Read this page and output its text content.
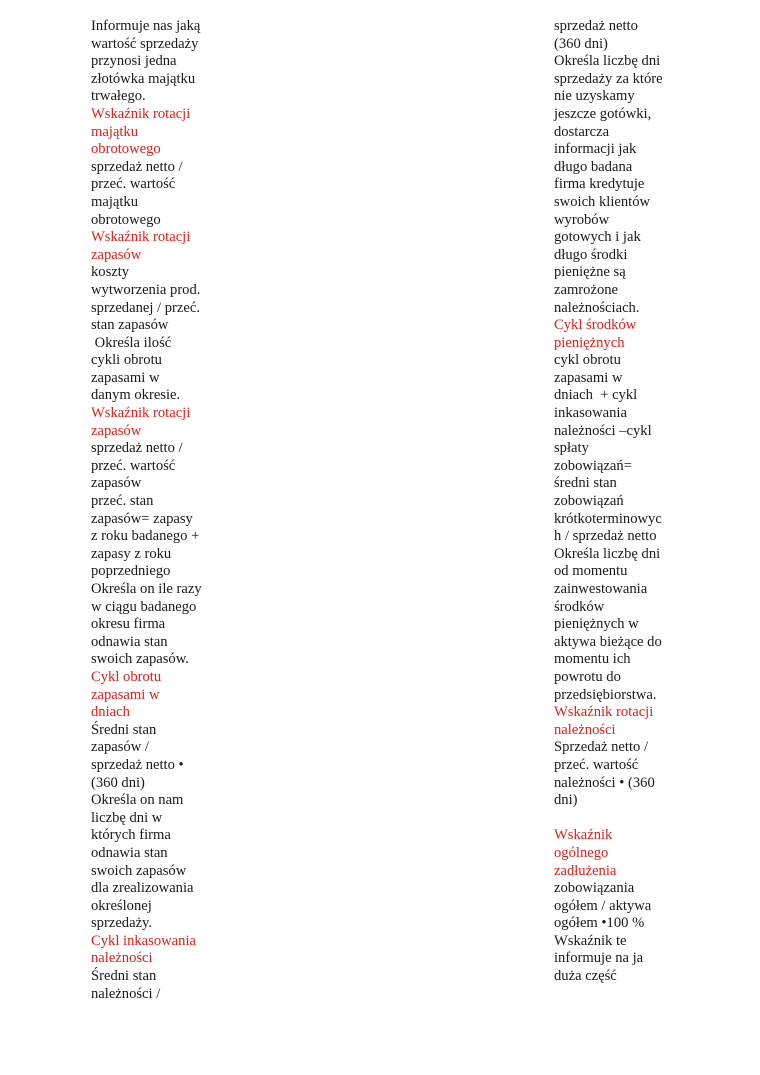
Informuje nas jaką
wartość sprzedaży
przynosi jedna
złotówka majątku
trwałego.
Wskaźnik rotacji
majątku
obrotowego
sprzedaż netto /
przeć. wartość
majątku
obrotowego
Wskaźnik rotacji
zapasów
koszty
wytworzenia prod.
sprzedanej / przeć.
stan zapasów
Określa ilość
cykli obrotu
zapasami w
danym okresie.
Wskaźnik rotacji
zapasów
sprzedaż netto /
przeć. wartość
zapasów
przeć. stan
zapasów= zapasy
z roku badanego +
zapasy z roku
poprzedniego
Określa on ile razy
w ciągu badanego
okresu firma
odnawia stan
swoich zapasów.
Cykl obrotu
zapasami w
dniach
Średni stan
zapasów /
sprzedaż netto •
(360 dni)
Określa on nam
liczbę dni w
których firma
odnawia stan
swoich zapasów
dla zrealizowania
określonej
sprzedaży.
Cykl inkasowania
należności
Średni stan
należności /
sprzedaż netto
(360 dni)
Określa liczbę dni
sprzedaży za które
nie uzyskamy
jeszcze gotówki,
dostarcza
informacji jak
długo badana
firma kredytuje
swoich klientów
wyrobów
gotowych i jak
długo środki
pieniężne są
zamrożone
należnościach.
Cykl środków
pieniężnych
cykl obrotu
zapasami w
dniach  + cykl
inkasowania
należności –cykl
spłaty
zobowiązań=
średni stan
zobowiązań
krótkoterminowyc
h / sprzedaż netto
Określa liczbę dni
od momentu
zainwestowania
środków
pieniężnych w
aktywa bieżące do
momentu ich
powrotu do
przedsiębiorstwa.
Wskaźnik rotacji
należności
Sprzedaż netto /
przeć. wartość
należności • (360
dni)
Wskaźnik
ogólnego
zadłużenia
zobowiązania
ogółem / aktywa
ogółem •100 %
Wskaźnik te
informuje na ja
duża część
